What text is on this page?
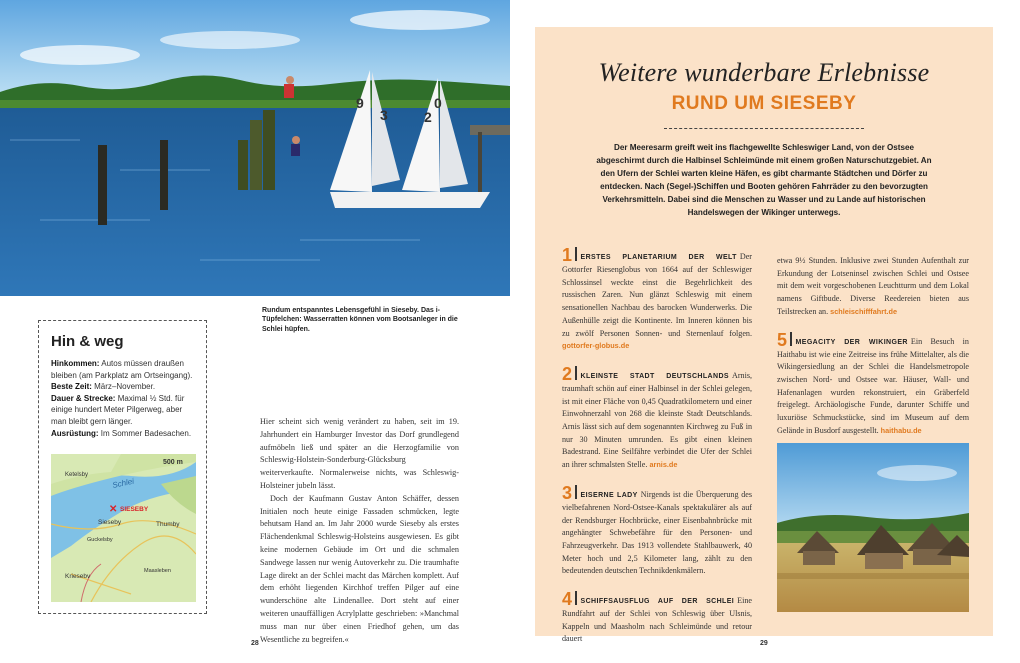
9
3	2
0
Rundum entspanntes Lebensgefühl in Sieseby. Das i-Tüpfelchen: Wasserratten können vom Bootsanleger in die Schlei hüpfen.
Hin & weg
Hinkommen: Autos müssen draußen bleiben (am Parkplatz am Ortseingang).
Beste Zeit: März–November.
Dauer & Strecke: Maximal ½ Std. für einige hundert Meter Pilgerweg, aber man bleibt gern länger.
Ausrüstung: Im Sommer Badesachen.
500 m
Schlei
Ketelsby
✕ SIESEBY
Sieseby	Thumby
Guckelsby
Kriesebv
Maasleben

Hier scheint sich wenig verändert zu haben, seit im 19. Jahrhundert ein Hamburger Investor das Dorf grundlegend aufmöbeln ließ und später an die Herzogfamilie von Schleswig-Holstein-Sonderburg-Glücksburg weiterverkaufte. Normalerweise nichts, was Schleswig-Holsteiner jubeln lässt.

Doch der Kaufmann Gustav Anton Schäffer, dessen Initialen noch heute einige Fassaden schmücken, legte behutsam Hand an. Im Jahr 2000 wurde Sieseby als erstes Flächendenkmal Schleswig-Holsteins ausgewiesen. Es gibt keine modernen Gebäude im Ort und die schmalen Sandwege lassen nur wenig Autoverkehr zu. Die traumhafte Lage direkt an der Schlei macht das Märchen komplett. Auf dem erhöht liegenden Kirchhof treffen Pilger auf eine wunderschöne alte Lindenallee. Dort steht auf einer weiteren unauffälligen Acrylplatte geschrieben: »Manchmal muss man nur über einen Friedhof gehen, um das Wesentliche zu begreifen.«

28
Weitere wunderbare Erlebnisse
RUND UM SIESEBY
Der Meeresarm greift weit ins flachgewellte Schleswiger Land, von der Ostsee abgeschirmt durch die Halbinsel Schleimünde mit einem großen Naturschutzgebiet. An den Ufern der Schlei warten kleine Häfen, es gibt charmante Städtchen und Dörfer zu entdecken. Nach (Segel-)Schiffen und Booten gehören Fahrräder zu den bevorzugten Verkehrsmitteln. Dabei sind die Menschen zu Wasser und zu Lande auf historischen Handelswegen der Wikinger unterwegs.
1 ERSTES PLANETARIUM DER WELT Der Gottorfer Riesenglobus von 1664 auf der Schleswiger Schlossinsel weckte einst die Begehrlichkeit des russischen Zaren. Nun glänzt Schleswig mit einem sensationellen Nachbau des barocken Wunderwerks. Die Außenhülle zeigt die Kontinente. Im Inneren können bis zu zwölf Personen Sonnen- und Sternenlauf folgen. gottorfer-globus.de
2 KLEINSTE STADT DEUTSCHLANDS Arnis, traumhaft schön auf einer Halbinsel in der Schlei gelegen, ist mit einer Fläche von 0,45 Quadratkilometern und einer Einwohnerzahl von 268 die kleinste Stadt Deutschlands. Arnis lässt sich auf dem sogenannten Kirchweg zu Fuß in nur 30 Minuten umrunden. Es gibt einen kleinen Badestrand. Eine Seilfähre verbindet die Ufer der Schlei an ihrer schmalsten Stelle. arnis.de
3 EISERNE LADY Nirgends ist die Überquerung des vielbefahrenen Nord-Ostsee-Kanals spektakulärer als auf der Rendsburger Hochbrücke, einer Eisenbahnbrücke mit angehängter Schwebefähre für den Personen- und Fahrzeugverkehr. Das 1913 vollendete Stahlbauwerk, 40 Meter hoch und 2,5 Kilometer lang, zählt zu den bedeutenden deutschen Technikdenkmälern.
4 SCHIFFSAUSFLUG AUF DER SCHLEI Eine Rundfahrt auf der Schlei von Schleswig über Ulsnis, Kappeln und Maasholm nach Schleimünde und retour dauert
etwa 9½ Stunden. Inklusive zwei Stunden Aufenthalt zur Erkundung der Lotseninsel zwischen Schlei und Ostsee mit dem weit vorgeschobenen Leuchtturm und dem Lokal namens Giftbude. Diverse Reedereien bieten aus Teilstrecken an. schleischifffahrt.de
5 MEGACITY DER WIKINGER Ein Besuch in Haithabu ist wie eine Zeitreise ins frühe Mittelalter, als die Wikingersiedlung an der Schlei die Handelsmetropole zwischen Nord- und Ostsee war. Häuser, Wall- und Hafenanlagen wurden rekonstruiert, ein Gräberfeld freigelegt. Archäologische Funde, darunter Schiffe und luxuriöse Schmuckstücke, sind im Museum auf dem Gelände in Busdorf ausgestellt. haithabu.de
29
